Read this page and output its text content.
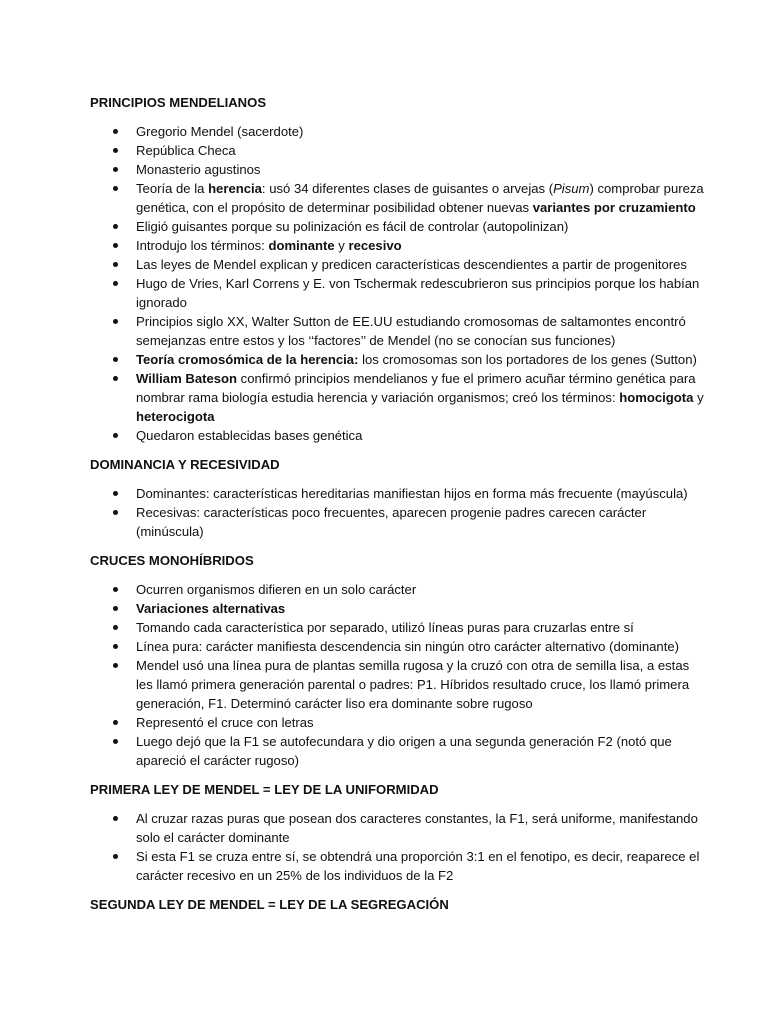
PRINCIPIOS MENDELIANOS
Gregorio Mendel (sacerdote)
República Checa
Monasterio agustinos
Teoría de la herencia: usó 34 diferentes clases de guisantes o arvejas (Pisum) comprobar pureza genética, con el propósito de determinar posibilidad obtener nuevas variantes por cruzamiento
Eligió guisantes porque su polinización es fácil de controlar (autopolinizan)
Introdujo los términos: dominante y recesivo
Las leyes de Mendel explican y predicen características descendientes a partir de progenitores
Hugo de Vries, Karl Correns y E. von Tschermak redescubrieron sus principios porque los habían ignorado
Principios siglo XX, Walter Sutton de EE.UU estudiando cromosomas de saltamontes encontró semejanzas entre estos y los ‘‘factores’’ de Mendel (no se conocían sus funciones)
Teoría cromosómica de la herencia: los cromosomas son los portadores de los genes (Sutton)
William Bateson confirmó principios mendelianos y fue el primero acuñar término genética para nombrar rama biología estudia herencia y variación organismos; creó los términos: homocigota y heterocigota
Quedaron establecidas bases genética
DOMINANCIA Y RECESIVIDAD
Dominantes: características hereditarias manifiestan hijos en forma más frecuente (mayúscula)
Recesivas: características poco frecuentes, aparecen progenie padres carecen carácter (minúscula)
CRUCES MONOHÍBRIDOS
Ocurren organismos difieren en un solo carácter
Variaciones alternativas
Tomando cada característica por separado, utilizó líneas puras para cruzarlas entre sí
Línea pura: carácter manifiesta descendencia sin ningún otro carácter alternativo (dominante)
Mendel usó una línea pura de plantas semilla rugosa y la cruzó con otra de semilla lisa, a estas les llamó primera generación parental o padres: P1. Híbridos resultado cruce, los llamó primera generación, F1. Determinó carácter liso era dominante sobre rugoso
Representó el cruce con letras
Luego dejó que la F1 se autofecundara y dio origen a una segunda generación F2 (notó que apareció el carácter rugoso)
PRIMERA LEY DE MENDEL = LEY DE LA UNIFORMIDAD
Al cruzar razas puras que posean dos caracteres constantes, la F1, será uniforme, manifestando solo el carácter dominante
Si esta F1 se cruza entre sí, se obtendrá una proporción 3:1 en el fenotipo, es decir, reaparece el carácter recesivo en un 25% de los individuos de la F2
SEGUNDA LEY DE MENDEL = LEY DE LA SEGREGACIÓN
